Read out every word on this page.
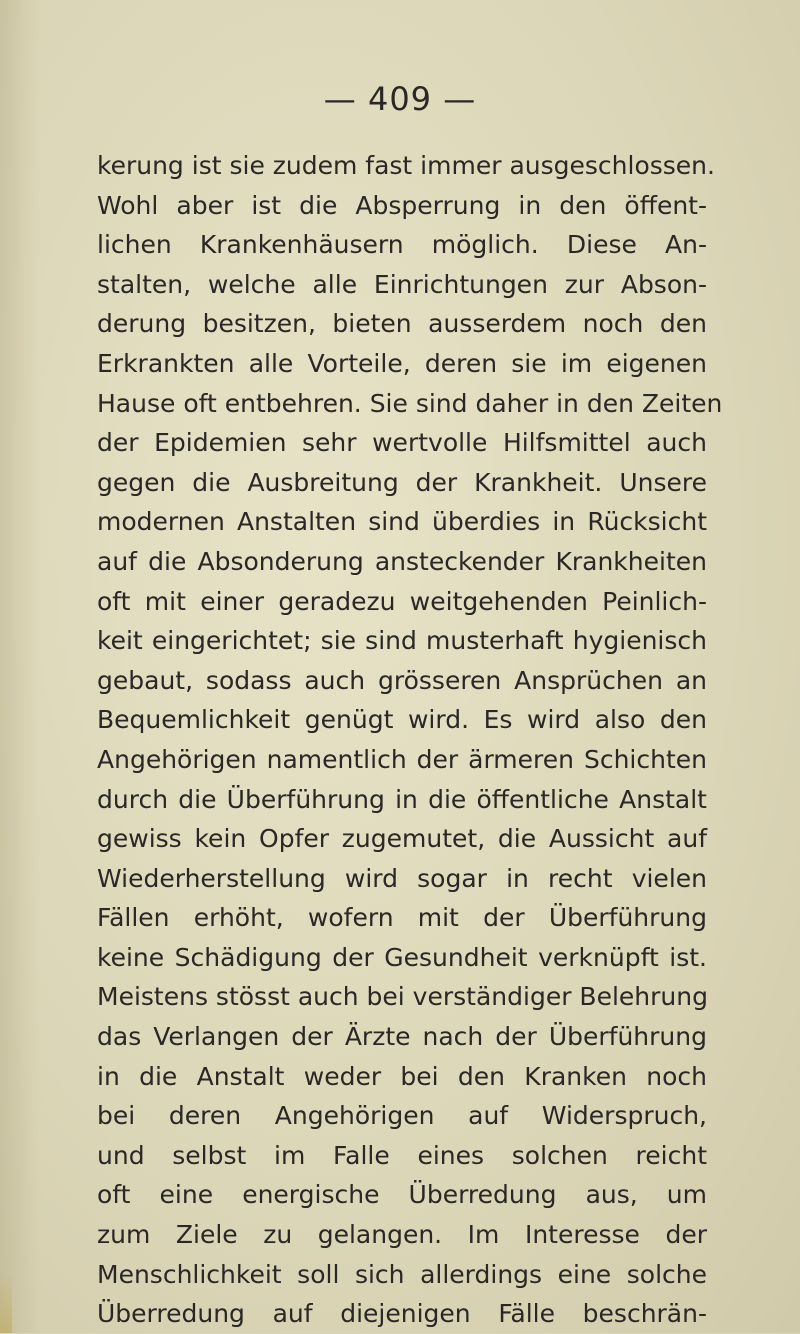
— 409 —
kerung ist sie zudem fast immer ausgeschlossen.
Wohl aber ist die Absperrung in den öffent-
lichen Krankenhäusern möglich. Diese An-
stalten, welche alle Einrichtungen zur Abson-
derung besitzen, bieten ausserdem noch den
Erkrankten alle Vorteile, deren sie im eigenen
Hause oft entbehren. Sie sind daher in den Zeiten
der Epidemien sehr wertvolle Hilfsmittel auch
gegen die Ausbreitung der Krankheit. Unsere
modernen Anstalten sind überdies in Rücksicht
auf die Absonderung ansteckender Krankheiten
oft mit einer geradezu weitgehenden Peinlich-
keit eingerichtet; sie sind musterhaft hygienisch
gebaut, sodass auch grösseren Ansprüchen an
Bequemlichkeit genügt wird. Es wird also den
Angehörigen namentlich der ärmeren Schichten
durch die Überführung in die öffentliche Anstalt
gewiss kein Opfer zugemutet, die Aussicht auf
Wiederherstellung wird sogar in recht vielen
Fällen erhöht, wofern mit der Überführung
keine Schädigung der Gesundheit verknüpft ist.
Meistens stösst auch bei verständiger Belehrung
das Verlangen der Ärzte nach der Überführung
in die Anstalt weder bei den Kranken noch
bei deren Angehörigen auf Widerspruch,
und selbst im Falle eines solchen reicht
oft eine energische Überredung aus, um
zum Ziele zu gelangen. Im Interesse der
Menschlichkeit soll sich allerdings eine solche
Überredung auf diejenigen Fälle beschrän-
